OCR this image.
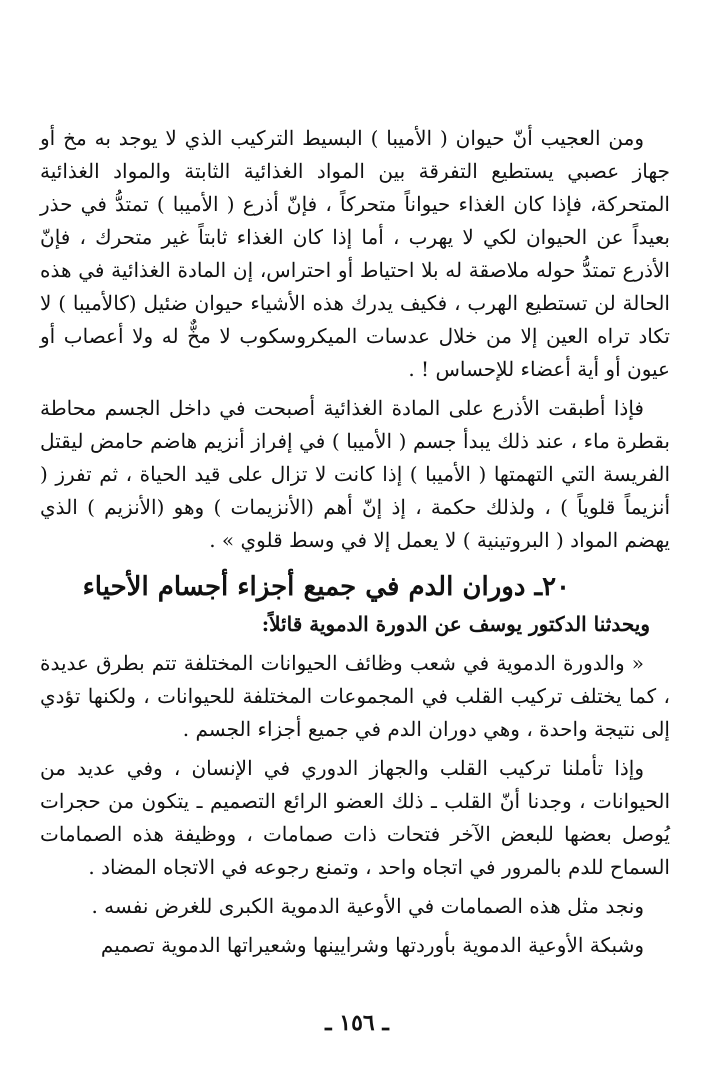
ومن العجيب أنّ حيوان ( الأميبا ) البسيط التركيب الذي لا يوجد به مخ أو جهاز عصبي يستطيع التفرقة بين المواد الغذائية الثابتة والمواد الغذائية المتحركة، فإذا كان الغذاء حيواناً متحركاً ، فإنّ أذرع ( الأميبا ) تمتدُّ في حذر بعيداً عن الحيوان لكي لا يهرب ، أما إذا كان الغذاء ثابتاً غير متحرك ، فإنّ الأذرع تمتدُّ حوله ملاصقة له بلا احتياط أو احتراس، إن المادة الغذائية في هذه الحالة لن تستطيع الهرب ، فكيف يدرك هذه الأشياء حيوان ضئيل (كالأميبا ) لا تكاد تراه العين إلا من خلال عدسات الميكروسكوب لا مخٌّ له ولا أعصاب أو عيون أو أية أعضاء للإحساس ! .

فإذا أطبقت الأذرع على المادة الغذائية أصبحت في داخل الجسم محاطة بقطرة ماء ، عند ذلك يبدأ جسم ( الأميبا ) في إفراز أنزيم هاضم حامض ليقتل الفريسة التي التهمتها ( الأميبا ) إذا كانت لا تزال على قيد الحياة ، ثم تفرز ( أنزيماً قلوياً ) ، ولذلك حكمة ، إذ إنّ أهم (الأنزيمات ) وهو (الأنزيم ) الذي يهضم المواد ( البروتينية ) لا يعمل إلا في وسط قلوي » .

٢٠ـ دوران الدم في جميع أجزاء أجسام الأحياء

ويحدثنا الدكتور يوسف عن الدورة الدموية قائلاً:

« والدورة الدموية في شعب وظائف الحيوانات المختلفة تتم بطرق عديدة ، كما يختلف تركيب القلب في المجموعات المختلفة للحيوانات ، ولكنها تؤدي إلى نتيجة واحدة ، وهي دوران الدم في جميع أجزاء الجسم .

وإذا تأملنا تركيب القلب والجهاز الدوري في الإنسان ، وفي عديد من الحيوانات ، وجدنا أنّ القلب ـ ذلك العضو الرائع التصميم ـ يتكون من حجرات يُوصل بعضها للبعض الآخر فتحات ذات صمامات ، ووظيفة هذه الصمامات السماح للدم بالمرور في اتجاه واحد ، وتمنع رجوعه في الاتجاه المضاد .

ونجد مثل هذه الصمامات في الأوعية الدموية الكبرى للغرض نفسه .

وشبكة الأوعية الدموية بأوردتها وشرايينها وشعيراتها الدموية تصميم

ـ ١٥٦ ـ
